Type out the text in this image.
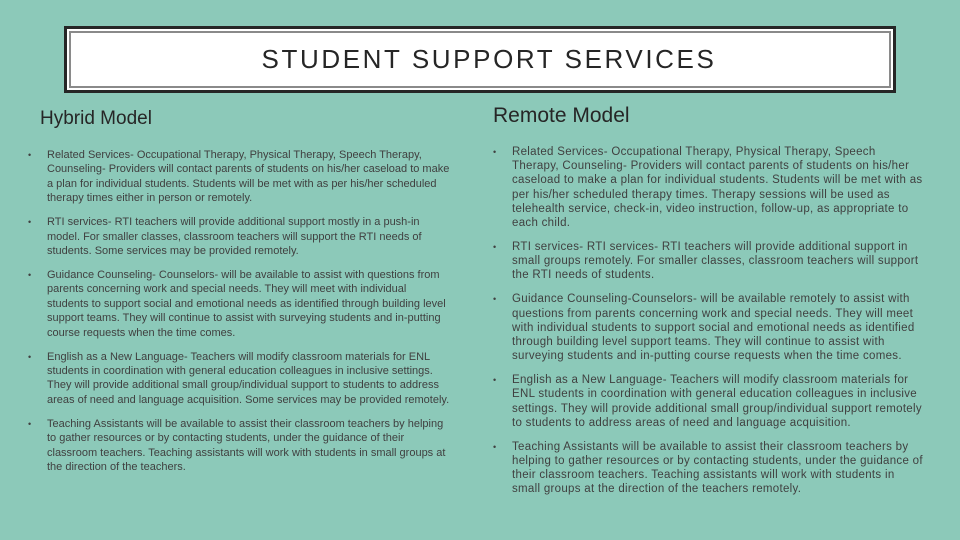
STUDENT SUPPORT SERVICES
Hybrid Model	Remote Model
• Related Services- Occupational Therapy, Physical Therapy, Speech Therapy, Counseling- Providers will contact parents of students on his/her caseload to make a plan for individual students. Students will be met with as per his/her scheduled therapy times either in person or remotely.
• RTI services- RTI teachers will provide additional support mostly in a push-in model. For smaller classes, classroom teachers will support the RTI needs of students. Some services may be provided remotely.
• Guidance Counseling- Counselors- will be available to assist with questions from parents concerning work and special needs. They will meet with individual students to support social and emotional needs as identified through building level support teams. They will continue to assist with surveying students and in-putting course requests when the time comes.
• English as a New Language- Teachers will modify classroom materials for ENL students in coordination with general education colleagues in inclusive settings. They will provide additional small group/individual support to students to address areas of need and language acquisition. Some services may be provided remotely.
• Teaching Assistants will be available to assist their classroom teachers by helping to gather resources or by contacting students, under the guidance of their classroom teachers. Teaching assistants will work with students in small groups at the direction of the teachers.
• Related Services- Occupational Therapy, Physical Therapy, Speech Therapy, Counseling- Providers will contact parents of students on his/her caseload to make a plan for individual students. Students will be met with as per his/her scheduled therapy times. Therapy sessions will be used as telehealth service, check-in, video instruction, follow-up, as appropriate to each child.
• RTI services- RTI services- RTI teachers will provide additional support in small groups remotely. For smaller classes, classroom teachers will support the RTI needs of students.
• Guidance Counseling-Counselors- will be available remotely to assist with questions from parents concerning work and special needs. They will meet with individual students to support social and emotional needs as identified through building level support teams. They will continue to assist with surveying students and in-putting course requests when the time comes.
• English as a New Language- Teachers will modify classroom materials for ENL students in coordination with general education colleagues in inclusive settings. They will provide additional small group/individual support remotely to students to address areas of need and language acquisition.
• Teaching Assistants will be available to assist their classroom teachers by helping to gather resources or by contacting students, under the guidance of their classroom teachers. Teaching assistants will work with students in small groups at the direction of the teachers remotely.
